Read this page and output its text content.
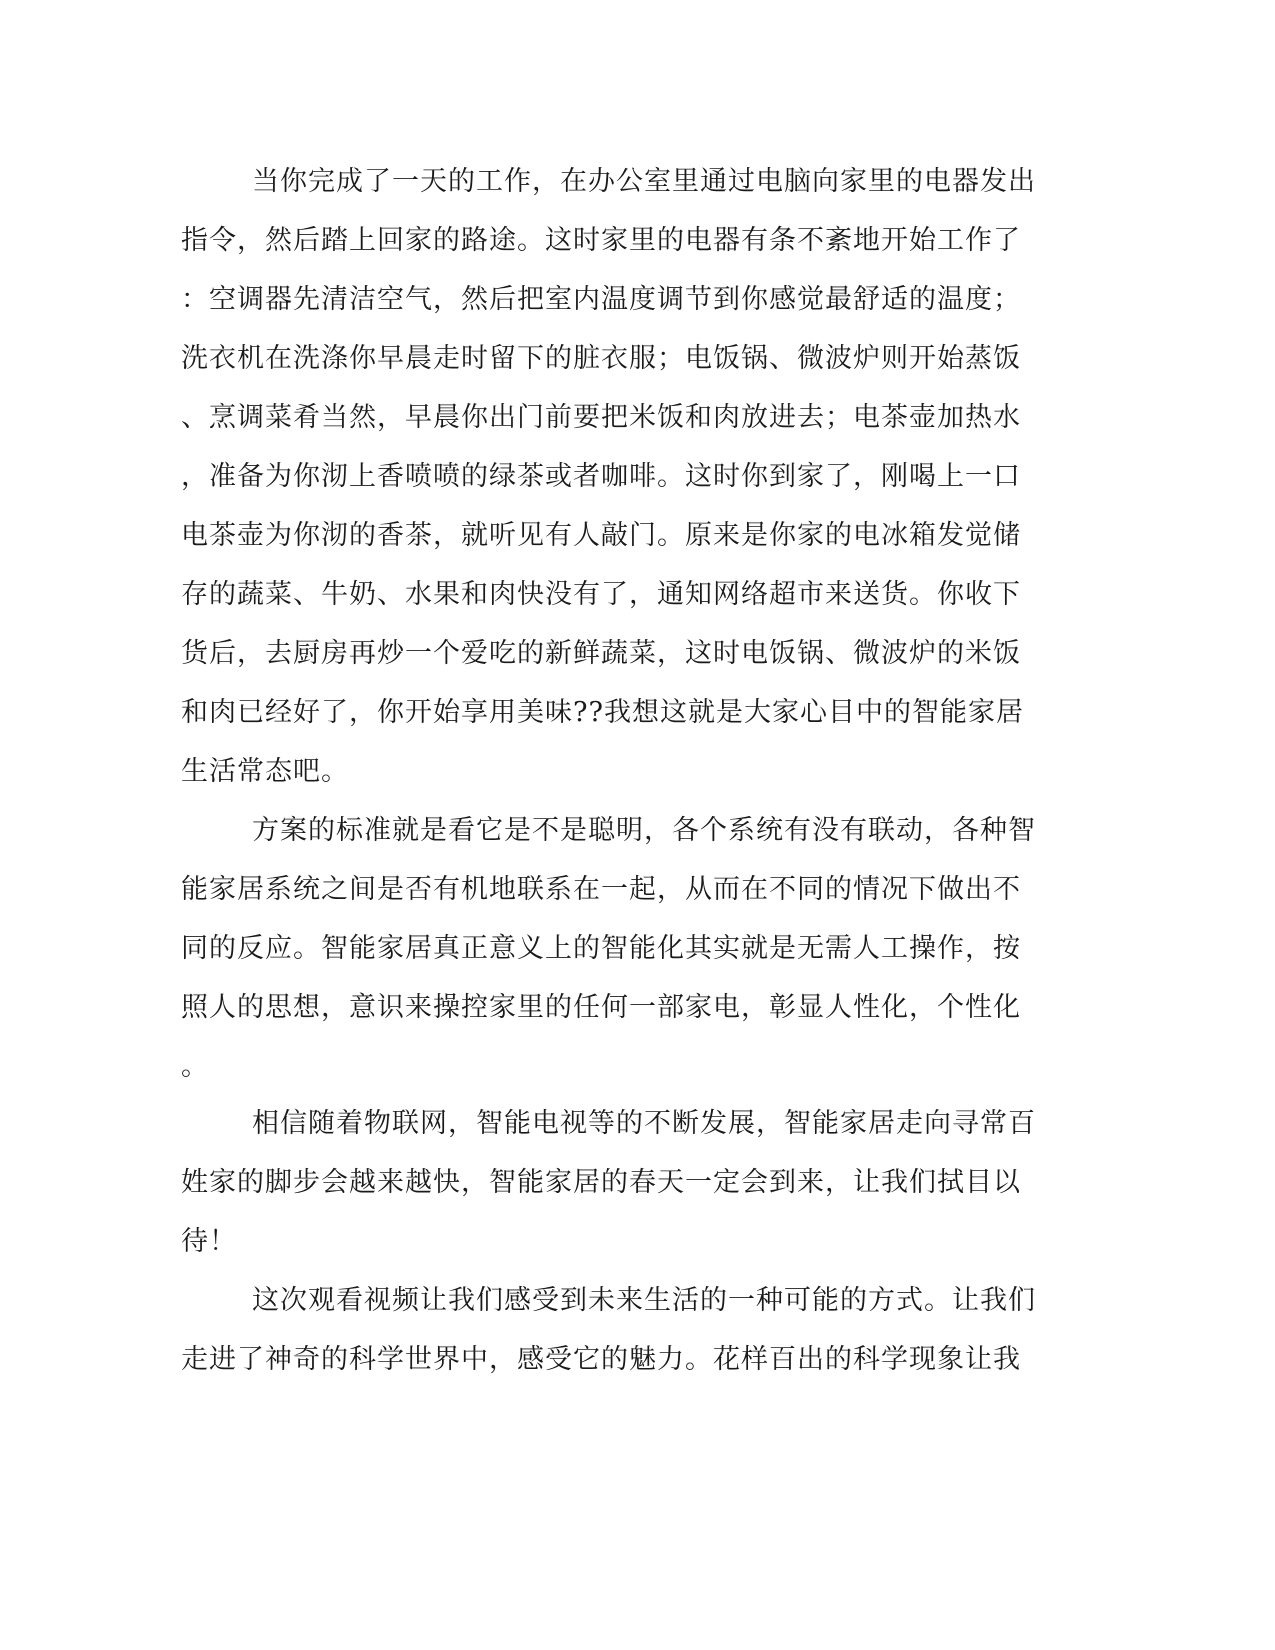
当你完成了一天的工作，在办公室里通过电脑向家里的电器发出
指令，然后踏上回家的路途。这时家里的电器有条不紊地开始工作了
：空调器先清洁空气，然后把室内温度调节到你感觉最舒适的温度；
洗衣机在洗涤你早晨走时留下的脏衣服；电饭锅、微波炉则开始蒸饭
、烹调菜肴当然，早晨你出门前要把米饭和肉放进去；电茶壶加热水
，准备为你沏上香喷喷的绿茶或者咖啡。这时你到家了，刚喝上一口
电茶壶为你沏的香茶，就听见有人敲门。原来是你家的电冰箱发觉储
存的蔬菜、牛奶、水果和肉快没有了，通知网络超市来送货。你收下
货后，去厨房再炒一个爱吃的新鲜蔬菜，这时电饭锅、微波炉的米饭
和肉已经好了，你开始享用美味??我想这就是大家心目中的智能家居
生活常态吧。
方案的标准就是看它是不是聪明，各个系统有没有联动，各种智
能家居系统之间是否有机地联系在一起，从而在不同的情况下做出不
同的反应。智能家居真正意义上的智能化其实就是无需人工操作，按
照人的思想，意识来操控家里的任何一部家电，彰显人性化，个性化
。
相信随着物联网，智能电视等的不断发展，智能家居走向寻常百
姓家的脚步会越来越快，智能家居的春天一定会到来，让我们拭目以
待！
这次观看视频让我们感受到未来生活的一种可能的方式。让我们
走进了神奇的科学世界中，感受它的魅力。花样百出的科学现象让我
